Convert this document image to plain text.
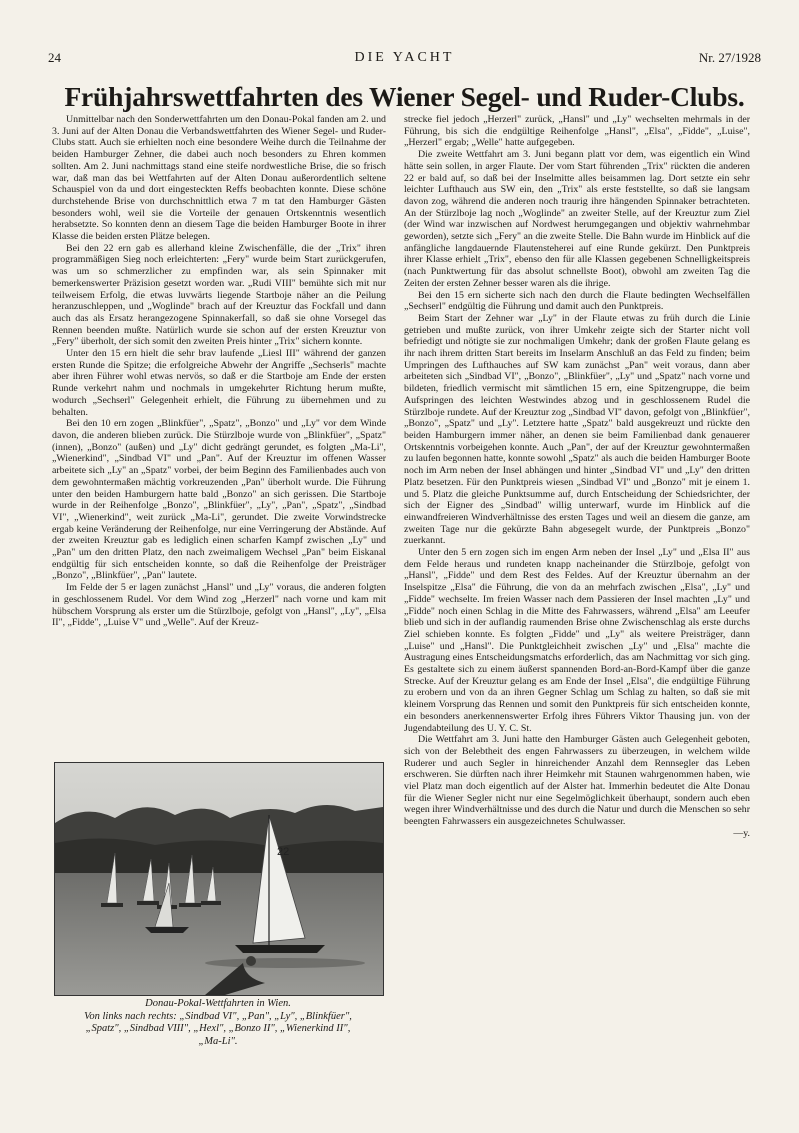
24	DIE YACHT	Nr. 27/1928
Frühjahrswettfahrten des Wiener Segel- und Ruder-Clubs.

Unmittelbar nach den Sonderwettfahrten um den Donau-Pokal fanden am 2. und 3. Juni auf der Alten Donau die Verbandswettfahrten des Wiener Segel- und Ruder-Clubs statt. Auch sie erhielten noch eine besondere Weihe durch die Teilnahme der beiden Hamburger Zehner, die dabei auch noch besonders zu Ehren kommen sollten. Am 2. Juni nachmittags stand eine steife nordwestliche Brise, die so frisch war, daß man das bei Wettfahrten auf der Alten Donau außerordentlich seltene Schauspiel von da und dort eingesteckten Reffs beobachten konnte. Diese schöne durchstehende Brise von durchschnittlich etwa 7 m tat den Hamburger Gästen besonders wohl, weil sie die Vorteile der genauen Ortskenntnis wesentlich herabsetzte. So konnten denn an diesem Tage die beiden Hamburger Boote in ihrer Klasse die beiden ersten Plätze belegen.

Bei den 22 ern gab es allerhand kleine Zwischenfälle, die der „Trix" ihren programmäßigen Sieg noch erleichterten: „Fery" wurde beim Start zurückgerufen, was um so schmerzlicher zu empfinden war, als sein Spinnaker mit bemerkenswerter Präzision gesetzt worden war. „Rudi VIII" bemühte sich mit nur teilweisem Erfolg, die etwas luvwärts liegende Startboje näher an die Peilung heranzuschleppen, und „Woglinde" brach auf der Kreuztur das Fockfall und dann auch das als Ersatz herangezogene Spinnakerfall, so daß sie ohne Vorsegel das Rennen beenden mußte. Natürlich wurde sie schon auf der ersten Kreuztur von „Fery" überholt, der sich somit den zweiten Preis hinter „Trix" sichern konnte.

Unter den 15 ern hielt die sehr brav laufende „Liesl III" während der ganzen ersten Runde die Spitze; die erfolgreiche Abwehr der Angriffe „Sechserls" machte aber ihren Führer wohl etwas nervös, so daß er die Startboje am Ende der ersten Runde verkehrt nahm und nochmals in umgekehrter Richtung herum mußte, wodurch „Sechserl" Gelegenheit erhielt, die Führung zu übernehmen und zu behalten.

Bei den 10 ern zogen „Blinkfüer", „Spatz", „Bonzo" und „Ly" vor dem Winde davon, die anderen blieben zurück. Die Stürzlboje wurde von „Blinkfüer", „Spatz" (innen), „Bonzo" (außen) und „Ly" dicht gedrängt gerundet, es folgten „Ma-Li", „Wienerkind", „Sindbad VI" und „Pan". Auf der Kreuztur im offenen Wasser arbeitete sich „Ly" an „Spatz" vorbei, der beim Beginn des Familienbades auch von dem gewohntermaßen mächtig vorkreuzenden „Pan" überholt wurde. Die Führung unter den beiden Hamburgern hatte bald „Bonzo" an sich gerissen. Die Startboje wurde in der Reihenfolge „Bonzo", „Blinkfüer", „Ly", „Pan", „Spatz", „Sindbad VI", „Wienerkind", weit zurück „Ma-Li", gerundet. Die zweite Vorwindstrecke ergab keine Veränderung der Reihenfolge, nur eine Verringerung der Abstände. Auf der zweiten Kreuztur gab es lediglich einen scharfen Kampf zwischen „Ly" und „Pan" um den dritten Platz, den nach zweimaligem Wechsel „Pan" beim Eiskanal endgültig für sich entscheiden konnte, so daß die Reihenfolge der Preisträger „Bonzo", „Blinkfüer", „Pan" lautete.

Im Felde der 5 er lagen zunächst „Hansl" und „Ly" voraus, die anderen folgten in geschlossenem Rudel. Vor dem Wind zog „Herzerl" nach vorne und kam mit hübschem Vorsprung als erster um die Stürzlboje, gefolgt von „Hansl", „Ly", „Elsa II", „Fidde", „Luise V" und „Welle". Auf der Kreuz-

22
Donau-Pokal-Wettfahrten in Wien.
Von links nach rechts: „Sindbad VI", „Pan", „Ly", „Blinkfüer",
„Spatz", „Sindbad VIII", „Hexl", „Bonzo II", „Wienerkind II",
„Ma-Li".

strecke fiel jedoch „Herzerl" zurück, „Hansl" und „Ly" wechselten mehrmals in der Führung, bis sich die endgültige Reihenfolge „Hansl", „Elsa", „Fidde", „Luise", „Herzerl" ergab; „Welle" hatte aufgegeben.

Die zweite Wettfahrt am 3. Juni begann platt vor dem, was eigentlich ein Wind hätte sein sollen, in arger Flaute. Der vom Start führenden „Trix" rückten die anderen 22 er bald auf, so daß bei der Inselmitte alles beisammen lag. Dort setzte ein sehr leichter Lufthauch aus SW ein, den „Trix" als erste feststellte, so daß sie langsam davon zog, während die anderen noch traurig ihre hängenden Spinnaker betrachteten. An der Stürzlboje lag noch „Woglinde" an zweiter Stelle, auf der Kreuztur zum Ziel (der Wind war inzwischen auf Nordwest herumgegangen und objektiv wahrnehmbar geworden), setzte sich „Fery" an die zweite Stelle. Die Bahn wurde im Hinblick auf die anfängliche langdauernde Flautensteherei auf eine Runde gekürzt. Den Punktpreis ihrer Klasse erhielt „Trix", ebenso den für alle Klassen gegebenen Schnelligkeitspreis (nach Punktwertung für das absolut schnellste Boot), obwohl am zweiten Tag die Zeiten der ersten Zehner besser waren als die ihrige.

Bei den 15 ern sicherte sich nach den durch die Flaute bedingten Wechselfällen „Sechserl" endgültig die Führung und damit auch den Punktpreis.

Beim Start der Zehner war „Ly" in der Flaute etwas zu früh durch die Linie getrieben und mußte zurück, von ihrer Umkehr zeigte sich der Starter nicht voll befriedigt und nötigte sie zur nochmaligen Umkehr; dank der großen Flaute gelang es ihr nach ihrem dritten Start bereits im Inselarm Anschluß an das Feld zu finden; beim Umpringen des Lufthauches auf SW kam zunächst „Pan" weit voraus, dann aber arbeiteten sich „Sindbad VI", „Bonzo", „Blinkfüer", „Ly" und „Spatz" nach vorne und bildeten, friedlich vermischt mit sämtlichen 15 ern, eine Spitzengruppe, die beim Aufspringen des leichten Westwindes abzog und in geschlossenem Rudel die Stürzlboje rundete. Auf der Kreuztur zog „Sindbad VI" davon, gefolgt von „Blinkfüer", „Bonzo", „Spatz" und „Ly". Letztere hatte „Spatz" bald ausgekreuzt und rückte den beiden Hamburgern immer näher, an denen sie beim Familienbad dank genauerer Ortskenntnis vorbeigehen konnte. Auch „Pan", der auf der Kreuztur gewohntermaßen zu laufen begonnen hatte, konnte sowohl „Spatz" als auch die beiden Hamburger Boote noch im Arm neben der Insel abhängen und hinter „Sindbad VI" und „Ly" den dritten Platz besetzen. Für den Punktpreis wiesen „Sindbad VI" und „Bonzo" mit je einem 1. und 5. Platz die gleiche Punktsumme auf, durch Entscheidung der Schiedsrichter, der sich der Eigner des „Sindbad" willig unterwarf, wurde im Hinblick auf die einwandfreieren Windverhältnisse des ersten Tages und weil an diesem die ganze, am zweiten Tage nur die gekürzte Bahn abgesegelt wurde, der Punktpreis „Bonzo" zuerkannt.

Unter den 5 ern zogen sich im engen Arm neben der Insel „Ly" und „Elsa II" aus dem Felde heraus und rundeten knapp nacheinander die Stürzlboje, gefolgt von „Hansl", „Fidde" und dem Rest des Feldes. Auf der Kreuztur übernahm an der Inselspitze „Elsa" die Führung, die von da an mehrfach zwischen „Elsa", „Ly" und „Fidde" wechselte. Im freien Wasser nach dem Passieren der Insel machten „Ly" und „Fidde" noch einen Schlag in die Mitte des Fahrwassers, während „Elsa" am Leeufer blieb und sich in der auflandig raumenden Brise ohne Zwischenschlag als erste durchs Ziel schieben konnte. Es folgten „Fidde" und „Ly" als weitere Preisträger, dann „Luise" und „Hansl". Die Punktgleichheit zwischen „Ly" und „Elsa" machte die Austragung eines Entscheidungsmatchs erforderlich, das am Nachmittag vor sich ging. Es gestaltete sich zu einem äußerst spannenden Bord-an-Bord-Kampf über die ganze Strecke. Auf der Kreuztur gelang es am Ende der Insel „Elsa", die endgültige Führung zu erobern und von da an ihren Gegner Schlag um Schlag zu halten, so daß sie mit kleinem Vorsprung das Rennen und somit den Punktpreis für sich entscheiden konnte, ein besonders anerkennenswerter Erfolg ihres Führers Viktor Thausing jun. von der Jugendabteilung des U. Y. C. St.

Die Wettfahrt am 3. Juni hatte den Hamburger Gästen auch Gelegenheit geboten, sich von der Belebtheit des engen Fahrwassers zu überzeugen, in welchem wilde Ruderer und auch Segler in hinreichender Anzahl dem Rennsegler das Leben erschweren. Sie dürften nach ihrer Heimkehr mit Staunen wahrgenommen haben, wie viel Platz man doch eigentlich auf der Alster hat. Immerhin bedeutet die Alte Donau für die Wiener Segler nicht nur eine Segelmöglichkeit überhaupt, sondern auch eben wegen ihrer Windverhältnisse und des durch die Natur und durch die Menschen so sehr beengten Fahrwassers ein ausgezeichnetes Schulwasser.

—y.
